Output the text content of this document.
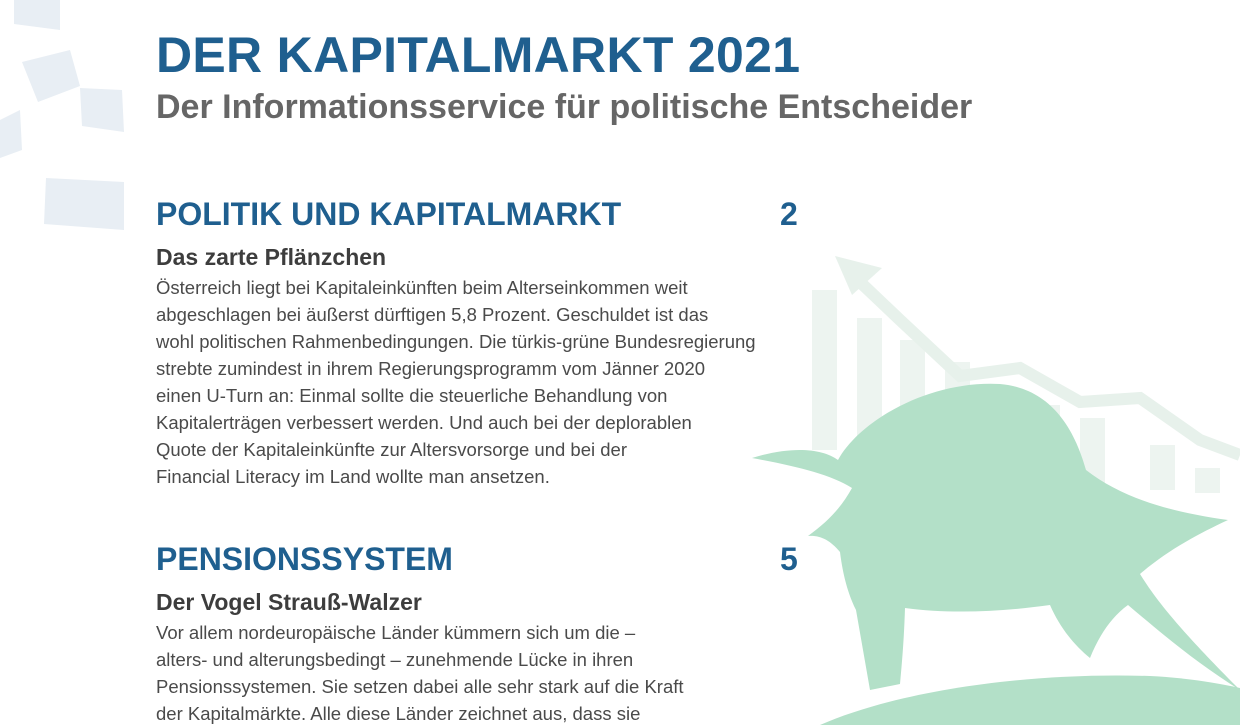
DER KAPITALMARKT 2021
Der Informationsservice für politische Entscheider
POLITIK UND KAPITALMARKT	2
Das zarte Pflänzchen

Österreich liegt bei Kapitaleinkünften beim Alterseinkommen weit
abgeschlagen bei äußerst dürftigen 5,8 Prozent. Geschuldet ist das
wohl politischen Rahmenbedingungen. Die türkis-grüne Bundesregierung
strebte zumindest in ihrem Regierungsprogramm vom Jänner 2020
einen U-Turn an: Einmal sollte die steuerliche Behandlung von
Kapitalerträgen verbessert werden. Und auch bei der deplorablen
Quote der Kapitaleinkünfte zur Altersvorsorge und bei der
Financial Literacy im Land wollte man ansetzen.

PENSIONSSYSTEM	5
Der Vogel Strauß-Walzer

Vor allem nordeuropäische Länder kümmern sich um die –
alters- und alterungsbedingt – zunehmende Lücke in ihren
Pensionssystemen. Sie setzen dabei alle sehr stark auf die Kraft
der Kapitalmärkte. Alle diese Länder zeichnet aus, dass sie
